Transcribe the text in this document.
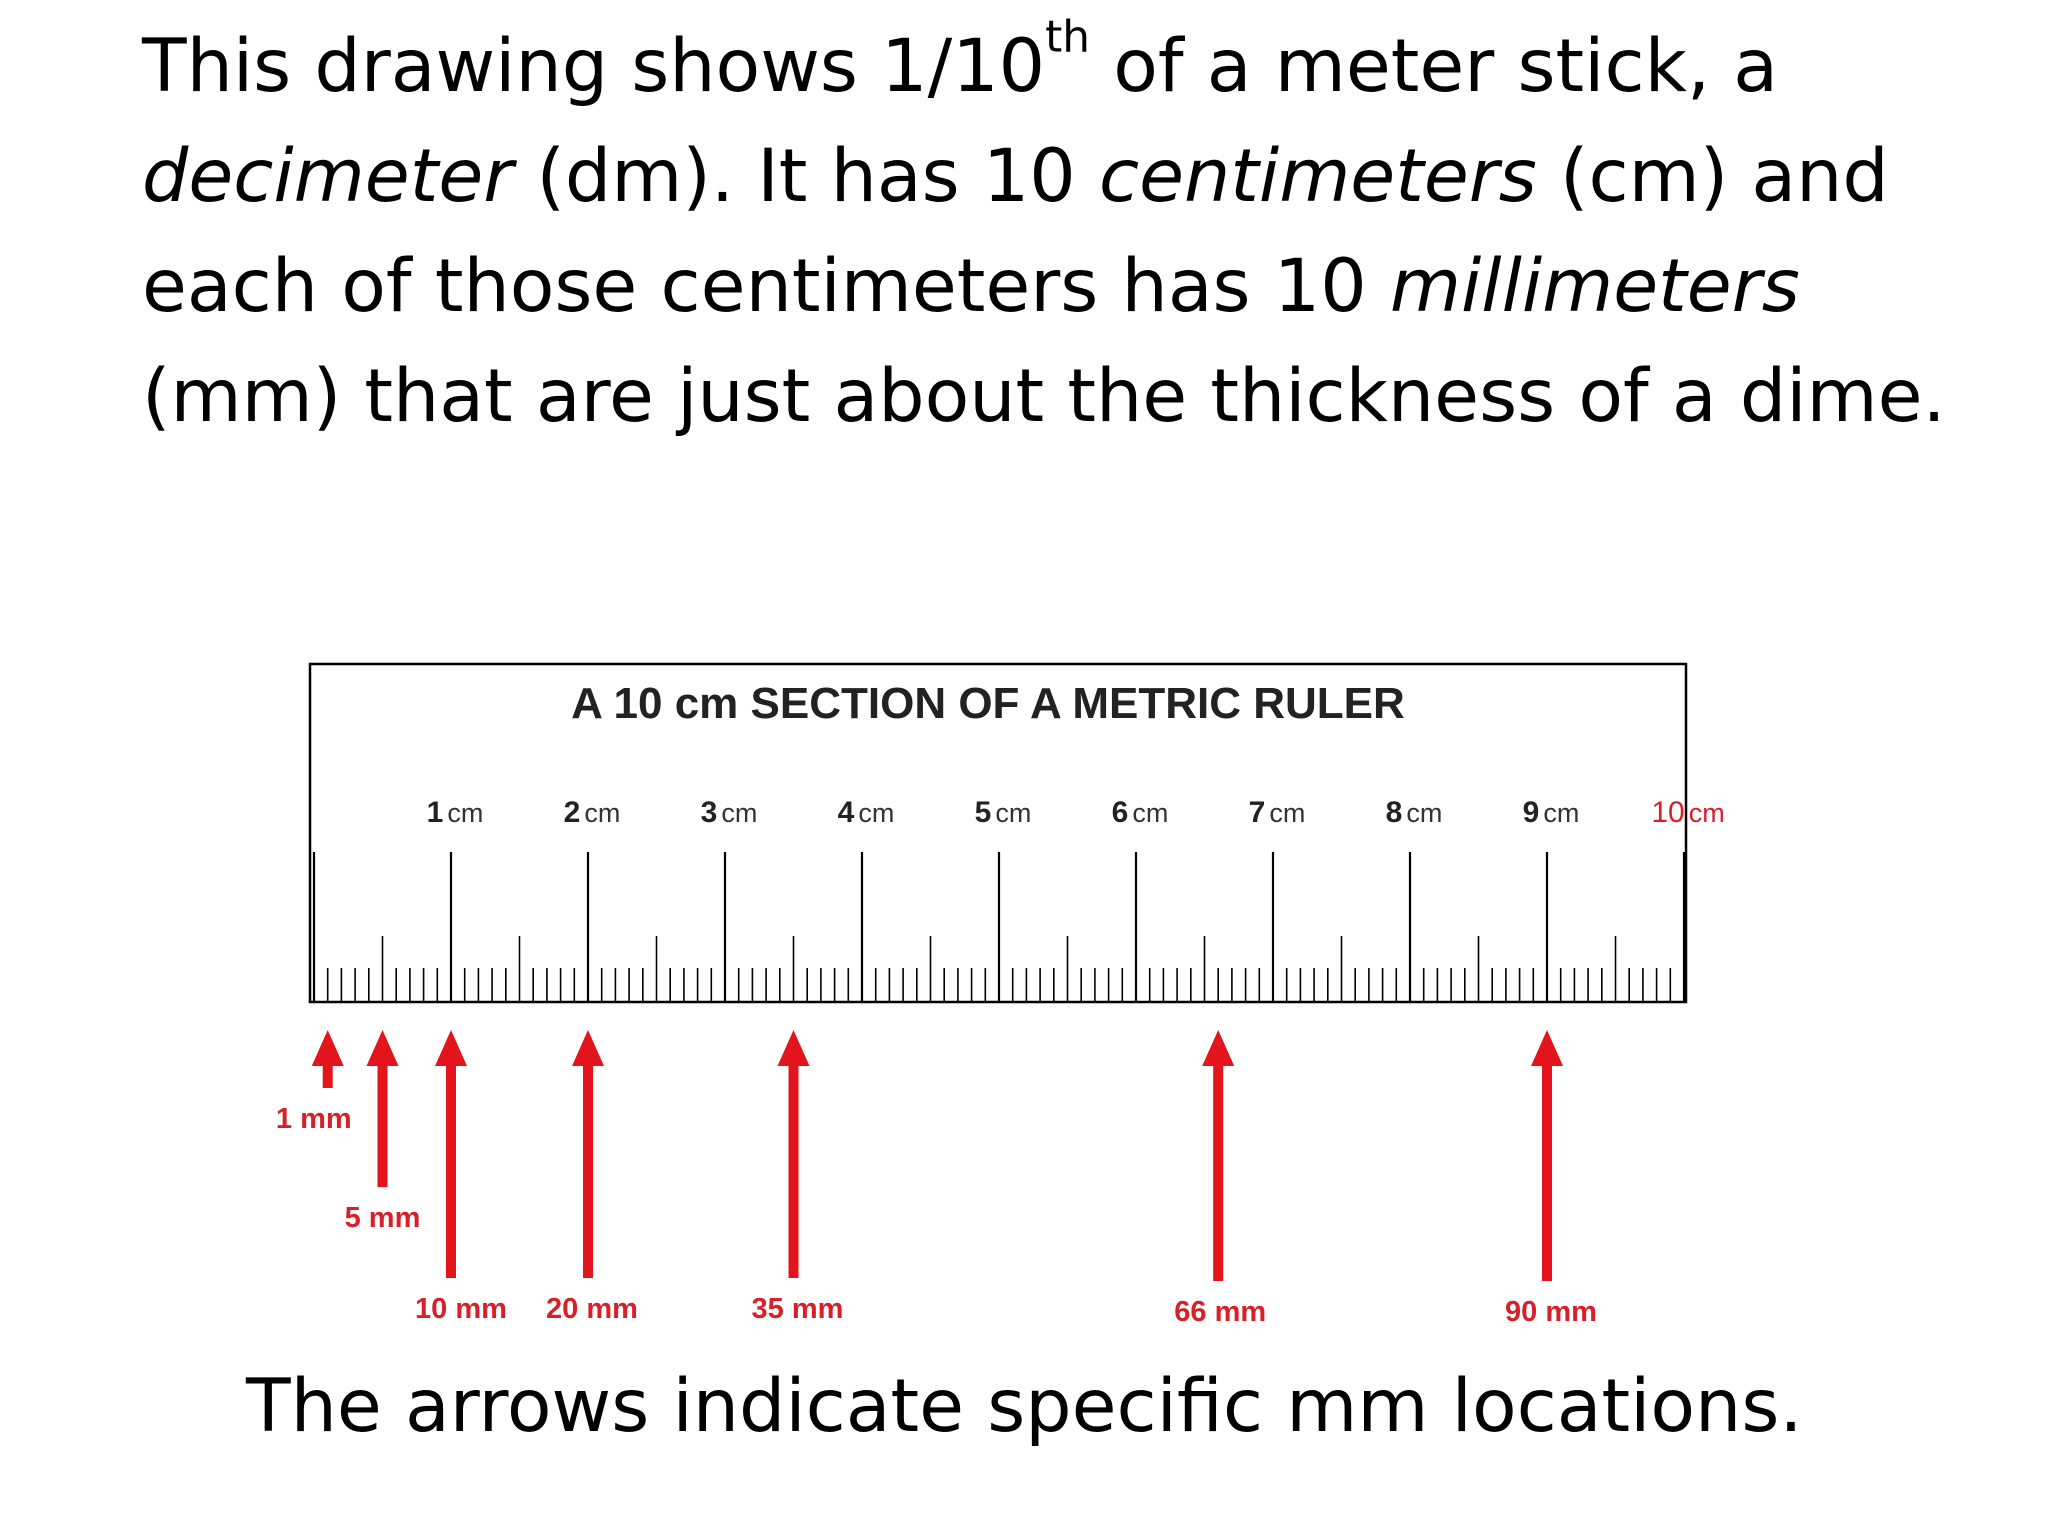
This drawing shows 1/10th of a meter stick, a decimeter (dm). It has 10 centimeters (cm) and each of those centimeters has 10 millimeters (mm) that are just about the thickness of a dime.

A 10 cm SECTION OF A METRIC RULER
1 cm	2 cm	3 cm	4 cm	5 cm	6 cm	7 cm	8 cm	9 cm 10 cm
1 mm
5 mm
10 mm 20 mm	35 mm	66 mm	90 mm

The arrows indicate specific mm locations.
